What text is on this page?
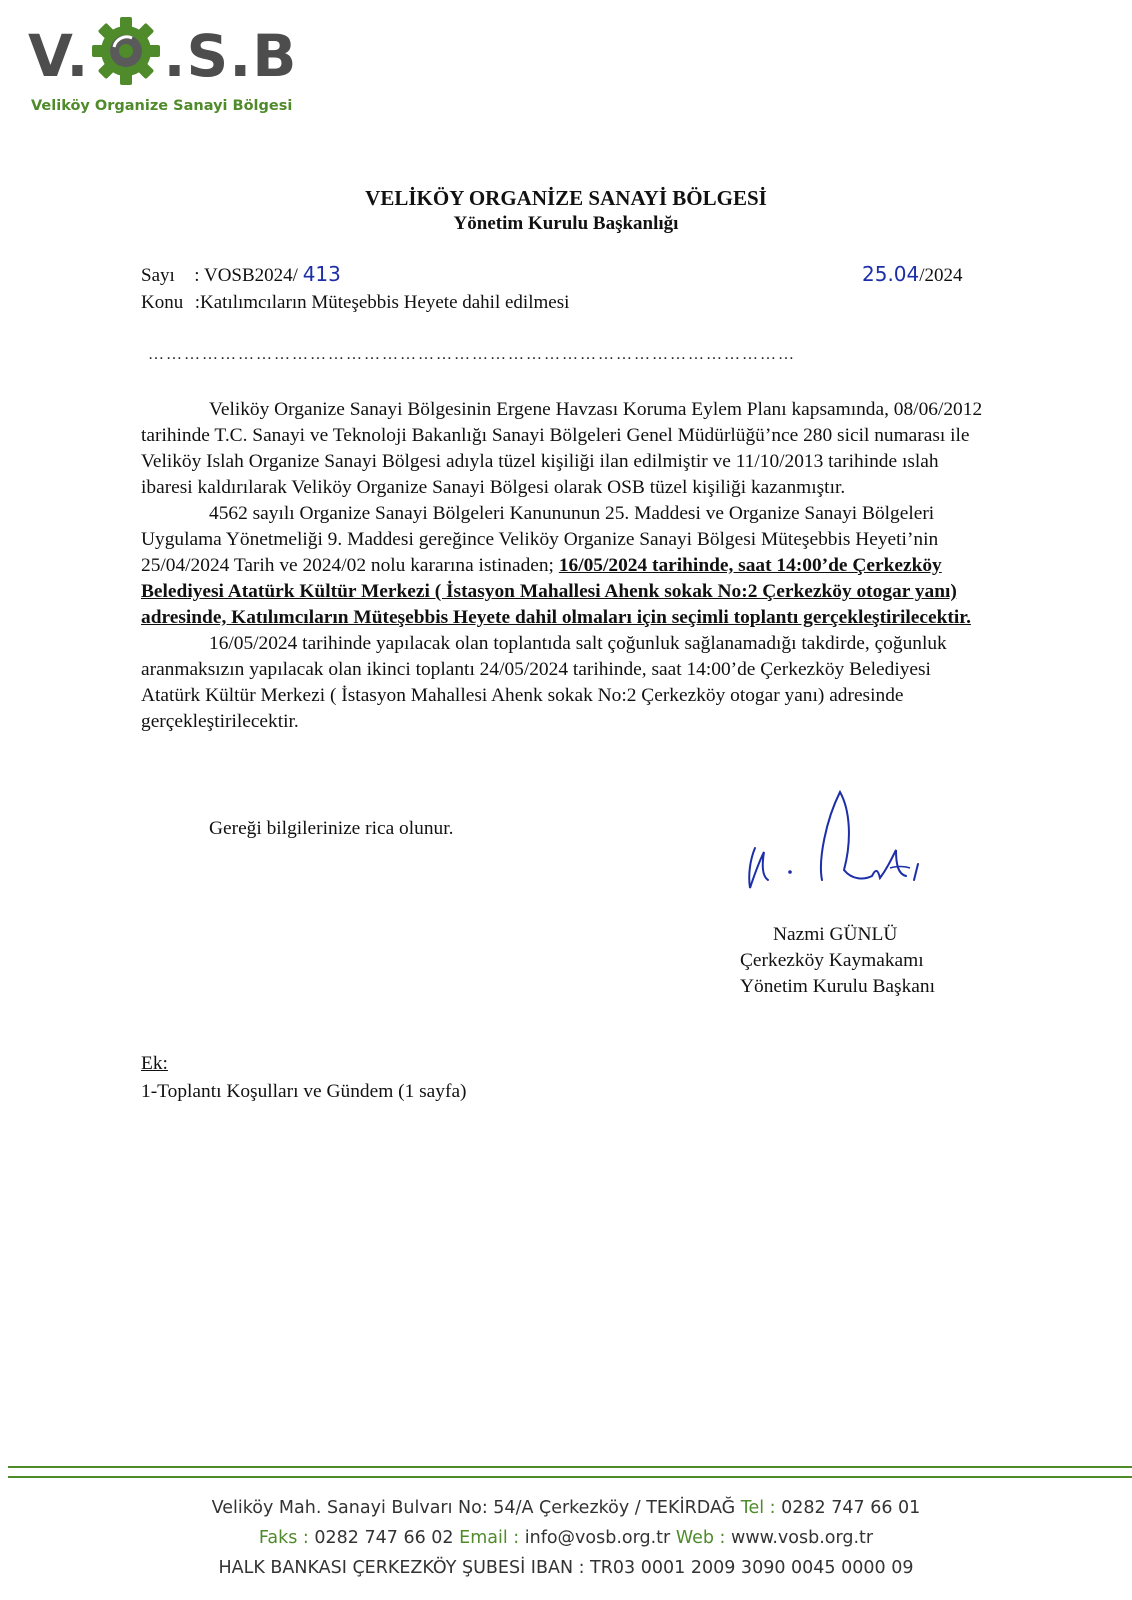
V. .S.B
Veliköy Organize Sanayi Bölgesi
VELİKÖY ORGANİZE SANAYİ BÖLGESİ
Yönetim Kurulu Başkanlığı
Sayı : VOSB2024/ 413	25.04/2024
Konu :Katılımcıların Müteşebbis Heyete dahil edilmesi
………………………………………………………………………………………………

Veliköy Organize Sanayi Bölgesinin Ergene Havzası Koruma Eylem Planı kapsamında, 08/06/2012 tarihinde T.C. Sanayi ve Teknoloji Bakanlığı Sanayi Bölgeleri Genel Müdürlüğü’nce 280 sicil numarası ile Veliköy Islah Organize Sanayi Bölgesi adıyla tüzel kişiliği ilan edilmiştir ve 11/10/2013 tarihinde ıslah ibaresi kaldırılarak Veliköy Organize Sanayi Bölgesi olarak OSB tüzel kişiliği kazanmıştır.

4562 sayılı Organize Sanayi Bölgeleri Kanununun 25. Maddesi ve Organize Sanayi Bölgeleri Uygulama Yönetmeliği 9. Maddesi gereğince Veliköy Organize Sanayi Bölgesi Müteşebbis Heyeti’nin 25/04/2024 Tarih ve 2024/02 nolu kararına istinaden; 16/05/2024 tarihinde, saat 14:00’de Çerkezköy Belediyesi Atatürk Kültür Merkezi ( İstasyon Mahallesi Ahenk sokak No:2 Çerkezköy otogar yanı) adresinde, Katılımcıların Müteşebbis Heyete dahil olmaları için seçimli toplantı gerçekleştirilecektir.

16/05/2024 tarihinde yapılacak olan toplantıda salt çoğunluk sağlanamadığı takdirde, çoğunluk aranmaksızın yapılacak olan ikinci toplantı 24/05/2024 tarihinde, saat 14:00’de Çerkezköy Belediyesi Atatürk Kültür Merkezi ( İstasyon Mahallesi Ahenk sokak No:2 Çerkezköy otogar yanı) adresinde gerçekleştirilecektir.

Gereği bilgilerinize rica olunur.
Nazmi GÜNLÜ
Çerkezköy Kaymakamı
Yönetim Kurulu Başkanı
Ek:
1-Toplantı Koşulları ve Gündem (1 sayfa)
Veliköy Mah. Sanayi Bulvarı No: 54/A Çerkezköy / TEKİRDAĞ Tel : 0282 747 66 01
Faks : 0282 747 66 02 Email : info@vosb.org.tr Web : www.vosb.org.tr
HALK BANKASI ÇERKEZKÖY ŞUBESİ IBAN : TR03 0001 2009 3090 0045 0000 09
